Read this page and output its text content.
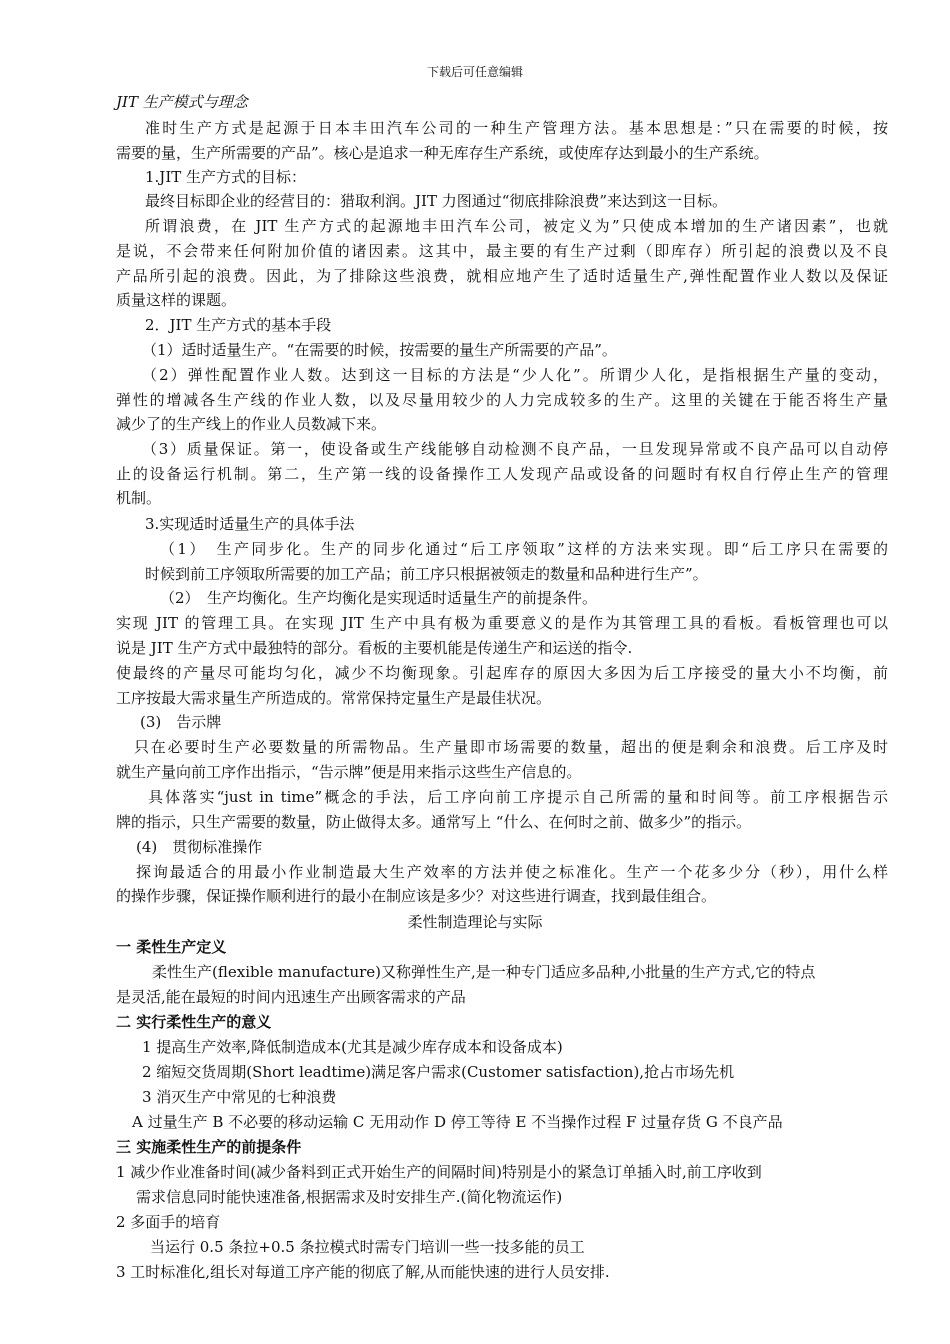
下载后可任意编辑
JIT 生产模式与理念
准时生产方式是起源于日本丰田汽车公司的一种生产管理方法。基本思想是：”只在需要的时候，按
需要的量，生产所需要的产品”。核心是追求一种无库存生产系统，或使库存达到最小的生产系统。
1.JIT 生产方式的目标：
最终目标即企业的经营目的：猎取利润。JIT 力图通过“彻底排除浪费”来达到这一目标。
所谓浪费，在 JIT 生产方式的起源地丰田汽车公司，被定义为”只使成本增加的生产诸因素”，也就
是说，不会带来任何附加价值的诸因素。这其中，最主要的有生产过剩（即库存）所引起的浪费以及不良
产品所引起的浪费。因此，为了排除这些浪费，就相应地产生了适时适量生产,弹性配置作业人数以及保证
质量这样的课题。
2．JIT 生产方式的基本手段
（1）适时适量生产。“在需要的时候，按需要的量生产所需要的产品”。
（2）弹性配置作业人数。达到这一目标的方法是“少人化”。所谓少人化，是指根据生产量的变动，
弹性的增减各生产线的作业人数，以及尽量用较少的人力完成较多的生产。这里的关键在于能否将生产量
减少了的生产线上的作业人员数减下来。
（3）质量保证。第一，使设备或生产线能够自动检测不良产品，一旦发现异常或不良产品可以自动停
止的设备运行机制。第二，生产第一线的设备操作工人发现产品或设备的问题时有权自行停止生产的管理
机制。
3.实现适时适量生产的具体手法
（1）　生产同步化。生产的同步化通过“后工序领取”这样的方法来实现。即“后工序只在需要的
时候到前工序领取所需要的加工产品；前工序只根据被领走的数量和品种进行生产”。
（2）　生产均衡化。生产均衡化是实现适时适量生产的前提条件。
实现 JIT 的管理工具。在实现 JIT 生产中具有极为重要意义的是作为其管理工具的看板。看板管理也可以
说是 JIT 生产方式中最独特的部分。看板的主要机能是传递生产和运送的指令.
使最终的产量尽可能均匀化，减少不均衡现象。引起库存的原因大多因为后工序接受的量大小不均衡，前
工序按最大需求量生产所造成的。常常保持定量生产是最佳状况。
(3)　告示牌
只在必要时生产必要数量的所需物品。生产量即市场需要的数量，超出的便是剩余和浪费。后工序及时
就生产量向前工序作出指示，“告示牌”便是用来指示这些生产信息的。
具体落实“just in time”概念的手法，后工序向前工序提示自己所需的量和时间等。前工序根据告示
牌的指示，只生产需要的数量，防止做得太多。通常写上 “什么、在何时之前、做多少”的指示。
(4)　贯彻标准操作
探询最适合的用最小作业制造最大生产效率的方法并使之标准化。生产一个花多少分（秒），用什么样
的操作步骤，保证操作顺利进行的最小在制应该是多少？对这些进行调查，找到最佳组合。
柔性制造理论与实际
一 柔性生产定义
柔性生产(flexible manufacture)又称弹性生产,是一种专门适应多品种,小批量的生产方式,它的特点
是灵活,能在最短的时间内迅速生产出顾客需求的产品
二 实行柔性生产的意义
1 提高生产效率,降低制造成本(尤其是减少库存成本和设备成本)
2 缩短交货周期(Short leadtime)满足客户需求(Customer satisfaction),抢占市场先机
3 消灭生产中常见的七种浪费
A 过量生产 B 不必要的移动运输 C 无用动作 D 停工等待 E 不当操作过程 F 过量存货 G 不良产品
三 实施柔性生产的前提条件
1 减少作业准备时间(减少备料到正式开始生产的间隔时间)特别是小的紧急订单插入时,前工序收到
需求信息同时能快速准备,根据需求及时安排生产.(简化物流运作)
2 多面手的培育
当运行 0.5 条拉+0.5 条拉模式时需专门培训一些一技多能的员工
3 工时标准化,组长对每道工序产能的彻底了解,从而能快速的进行人员安排.
